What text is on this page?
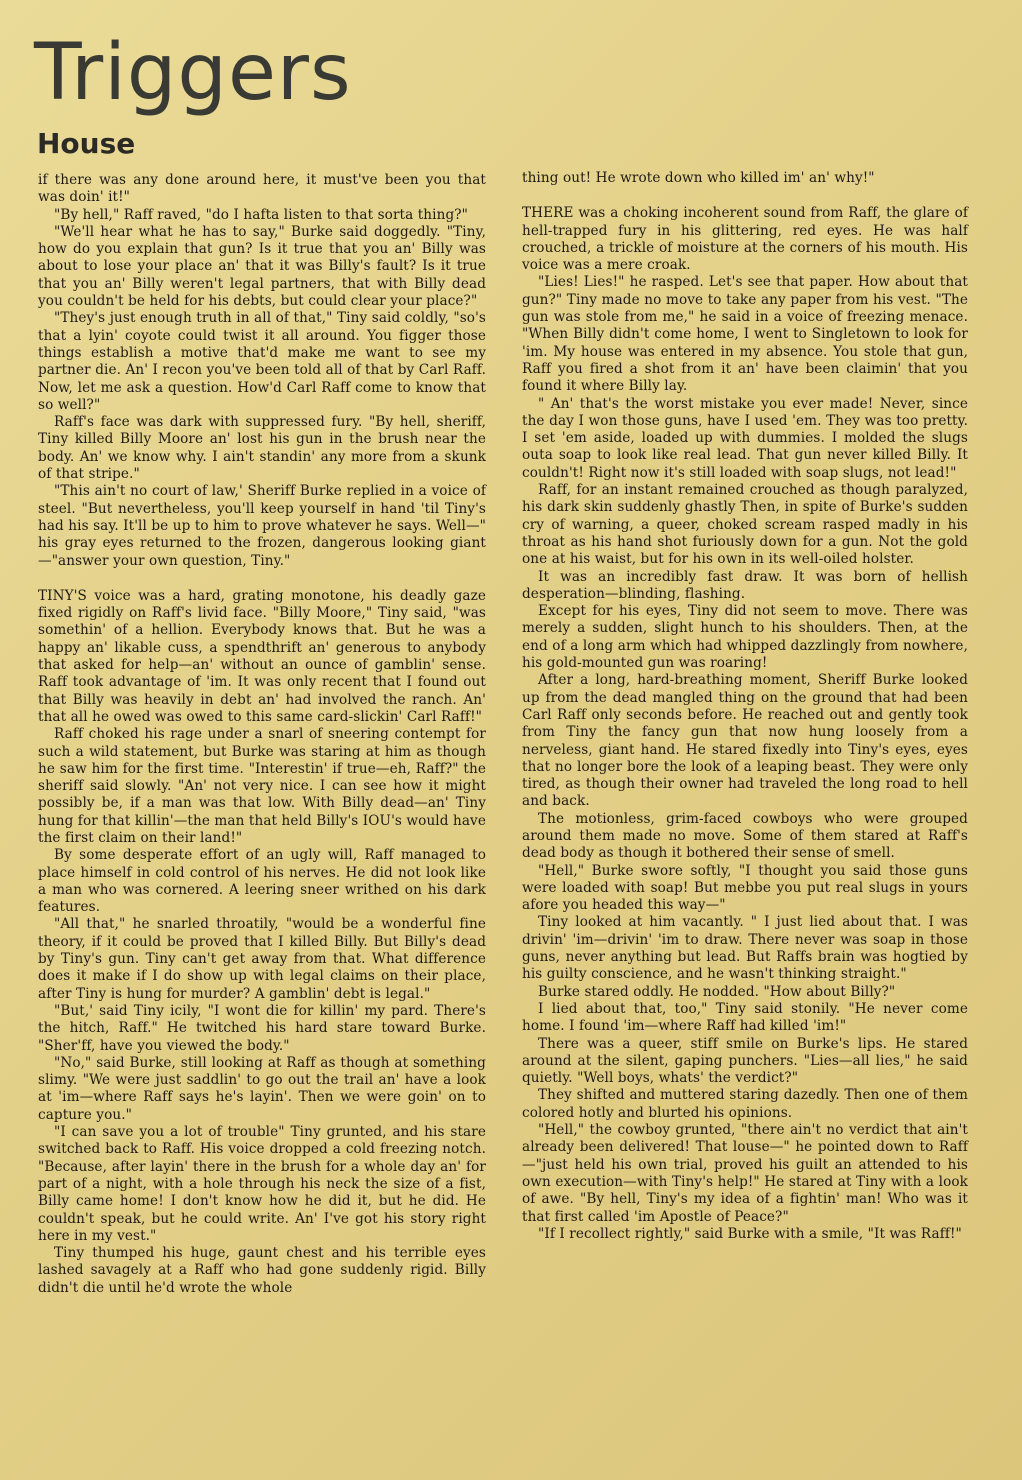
Triggers
House

if there was any done around here, it must've been you that was doin' it!"

"By hell," Raff raved, "do I hafta listen to that sorta thing?"

"We'll hear what he has to say," Burke said doggedly. "Tiny, how do you explain that gun? Is it true that you an' Billy was about to lose your place an' that it was Billy's fault? Is it true that you an' Billy weren't legal partners, that with Billy dead you couldn't be held for his debts, but could clear your place?"

"They's just enough truth in all of that," Tiny said coldly, "so's that a lyin' coyote could twist it all around. You figger those things establish a motive that'd make me want to see my partner die. An' I recon you've been told all of that by Carl Raff. Now, let me ask a question. How'd Carl Raff come to know that so well?"

Raff's face was dark with suppressed fury. "By hell, sheriff, Tiny killed Billy Moore an' lost his gun in the brush near the body. An' we know why. I ain't standin' any more from a skunk of that stripe."

"This ain't no court of law,' Sheriff Burke replied in a voice of steel. "But nevertheless, you'll keep yourself in hand 'til Tiny's had his say. It'll be up to him to prove whatever he says. Well—" his gray eyes returned to the frozen, dangerous looking giant—"answer your own question, Tiny."

TINY'S voice was a hard, grating monotone, his deadly gaze fixed rigidly on Raff's livid face. "Billy Moore," Tiny said, "was somethin' of a hellion. Everybody knows that. But he was a happy an' likable cuss, a spendthrift an' generous to anybody that asked for help—an' without an ounce of gamblin' sense. Raff took advantage of 'im. It was only recent that I found out that Billy was heavily in debt an' had involved the ranch. An' that all he owed was owed to this same card-slickin' Carl Raff!"

Raff choked his rage under a snarl of sneering contempt for such a wild statement, but Burke was staring at him as though he saw him for the first time. "Interestin' if true—eh, Raff?" the sheriff said slowly. "An' not very nice. I can see how it might possibly be, if a man was that low. With Billy dead—an' Tiny hung for that killin'—the man that held Billy's IOU's would have the first claim on their land!"

By some desperate effort of an ugly will, Raff managed to place himself in cold control of his nerves. He did not look like a man who was cornered. A leering sneer writhed on his dark features.

"All that," he snarled throatily, "would be a wonderful fine theory, if it could be proved that I killed Billy. But Billy's dead by Tiny's gun. Tiny can't get away from that. What difference does it make if I do show up with legal claims on their place, after Tiny is hung for murder? A gamblin' debt is legal."

"But,' said Tiny icily, "I wont die for killin' my pard. There's the hitch, Raff." He twitched his hard stare toward Burke. "Sher'ff, have you viewed the body."

"No," said Burke, still looking at Raff as though at something slimy. "We were just saddlin' to go out the trail an' have a look at 'im—where Raff says he's layin'. Then we were goin' on to capture you."

"I can save you a lot of trouble" Tiny grunted, and his stare switched back to Raff. His voice dropped a cold freezing notch. "Because, after layin' there in the brush for a whole day an' for part of a night, with a hole through his neck the size of a fist, Billy came home! I don't know how he did it, but he did. He couldn't speak, but he could write. An' I've got his story right here in my vest."

Tiny thumped his huge, gaunt chest and his terrible eyes lashed savagely at a Raff who had gone suddenly rigid. Billy didn't die until he'd wrote the whole

thing out! He wrote down who killed im' an' why!"

THERE was a choking incoherent sound from Raff, the glare of hell-trapped fury in his glittering, red eyes. He was half crouched, a trickle of moisture at the corners of his mouth. His voice was a mere croak.

"Lies! Lies!" he rasped. Let's see that paper. How about that gun?" Tiny made no move to take any paper from his vest. "The gun was stole from me," he said in a voice of freezing menace. "When Billy didn't come home, I went to Singletown to look for 'im. My house was entered in my absence. You stole that gun, Raff you fired a shot from it an' have been claimin' that you found it where Billy lay.

" An' that's the worst mistake you ever made! Never, since the day I won those guns, have I used 'em. They was too pretty. I set 'em aside, loaded up with dummies. I molded the slugs outa soap to look like real lead. That gun never killed Billy. It couldn't! Right now it's still loaded with soap slugs, not lead!"

Raff, for an instant remained crouched as though paralyzed, his dark skin suddenly ghastly Then, in spite of Burke's sudden cry of warning, a queer, choked scream rasped madly in his throat as his hand shot furiously down for a gun. Not the gold one at his waist, but for his own in its well-oiled holster.

It was an incredibly fast draw. It was born of hellish desperation—blinding, flashing.

Except for his eyes, Tiny did not seem to move. There was merely a sudden, slight hunch to his shoulders. Then, at the end of a long arm which had whipped dazzlingly from nowhere, his gold-mounted gun was roaring!

After a long, hard-breathing moment, Sheriff Burke looked up from the dead mangled thing on the ground that had been Carl Raff only seconds before. He reached out and gently took from Tiny the fancy gun that now hung loosely from a nerveless, giant hand. He stared fixedly into Tiny's eyes, eyes that no longer bore the look of a leaping beast. They were only tired, as though their owner had traveled the long road to hell and back.

The motionless, grim-faced cowboys who were grouped around them made no move. Some of them stared at Raff's dead body as though it bothered their sense of smell.

"Hell," Burke swore softly, "I thought you said those guns were loaded with soap! But mebbe you put real slugs in yours afore you headed this way—"

Tiny looked at him vacantly. " I just lied about that. I was drivin' 'im—drivin' 'im to draw. There never was soap in those guns, never anything but lead. But Raffs brain was hogtied by his guilty conscience, and he wasn't thinking straight."

Burke stared oddly. He nodded. "How about Billy?"

I lied about that, too," Tiny said stonily. "He never come home. I found 'im—where Raff had killed 'im!"

There was a queer, stiff smile on Burke's lips. He stared around at the silent, gaping punchers. "Lies—all lies," he said quietly. "Well boys, whats' the verdict?"

They shifted and muttered staring dazedly. Then one of them colored hotly and blurted his opinions.

"Hell," the cowboy grunted, "there ain't no verdict that ain't already been delivered! That louse—" he pointed down to Raff—"just held his own trial, proved his guilt an attended to his own execution—with Tiny's help!" He stared at Tiny with a look of awe. "By hell, Tiny's my idea of a fightin' man! Who was it that first called 'im Apostle of Peace?"

"If I recollect rightly," said Burke with a smile, "It was Raff!"
